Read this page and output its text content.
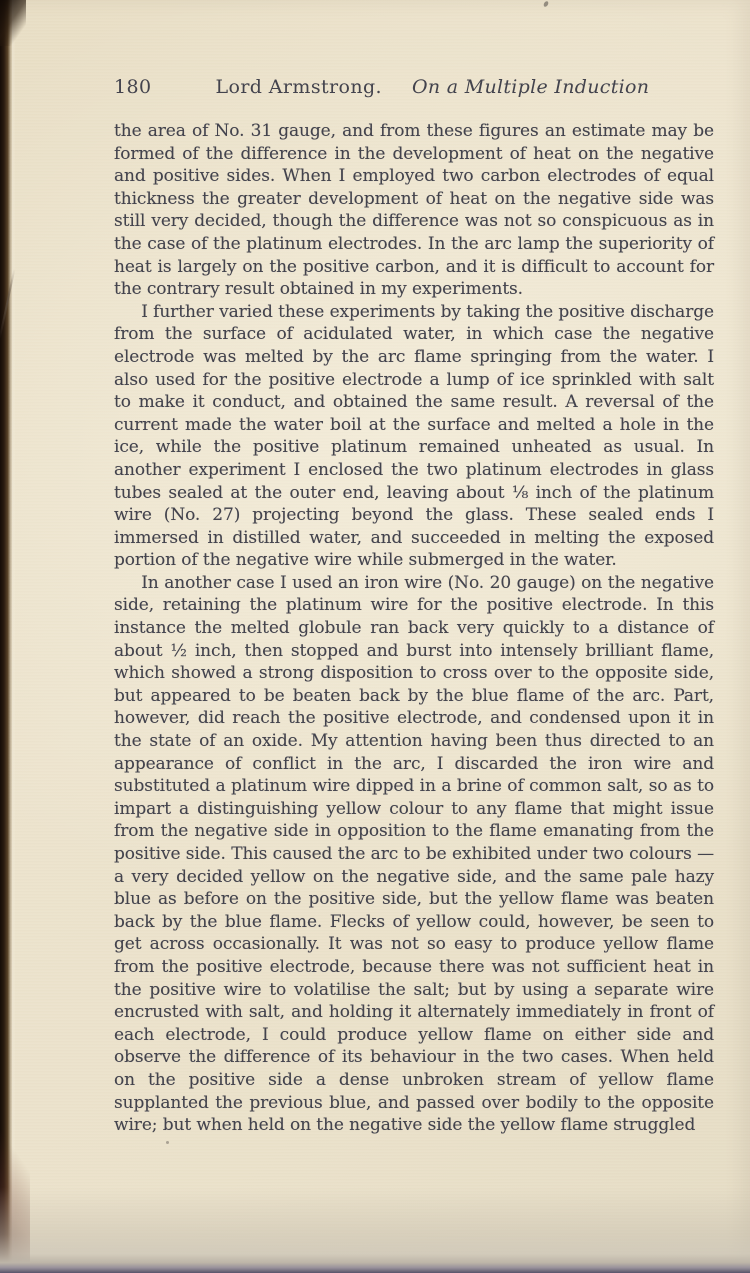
180	Lord Armstrong. On a Multiple Induction

the area of No. 31 gauge, and from these figures an estimate may be formed of the difference in the development of heat on the negative and positive sides. When I employed two carbon electrodes of equal thickness the greater development of heat on the negative side was still very decided, though the difference was not so conspicuous as in the case of the platinum electrodes. In the arc lamp the superiority of heat is largely on the positive carbon, and it is difficult to account for the contrary result obtained in my experiments.

I further varied these experiments by taking the positive discharge from the surface of acidulated water, in which case the negative electrode was melted by the arc flame springing from the water. I also used for the positive electrode a lump of ice sprinkled with salt to make it conduct, and obtained the same result. A reversal of the current made the water boil at the surface and melted a hole in the ice, while the positive platinum remained unheated as usual. In another experiment I enclosed the two platinum electrodes in glass tubes sealed at the outer end, leaving about ⅛ inch of the platinum wire (No. 27) projecting beyond the glass. These sealed ends I immersed in distilled water, and succeeded in melting the exposed portion of the negative wire while submerged in the water.

In another case I used an iron wire (No. 20 gauge) on the negative side, retaining the platinum wire for the positive electrode. In this instance the melted globule ran back very quickly to a distance of about ½ inch, then stopped and burst into intensely brilliant flame, which showed a strong disposition to cross over to the opposite side, but appeared to be beaten back by the blue flame of the arc. Part, however, did reach the positive electrode, and condensed upon it in the state of an oxide. My attention having been thus directed to an appearance of conflict in the arc, I discarded the iron wire and substituted a platinum wire dipped in a brine of common salt, so as to impart a distinguishing yellow colour to any flame that might issue from the negative side in opposition to the flame emanating from the positive side. This caused the arc to be exhibited under two colours —a very decided yellow on the negative side, and the same pale hazy blue as before on the positive side, but the yellow flame was beaten back by the blue flame. Flecks of yellow could, however, be seen to get across occasionally. It was not so easy to produce yellow flame from the positive electrode, because there was not sufficient heat in the positive wire to volatilise the salt; but by using a separate wire encrusted with salt, and holding it alternately immediately in front of each electrode, I could produce yellow flame on either side and observe the difference of its behaviour in the two cases. When held on the positive side a dense unbroken stream of yellow flame supplanted the previous blue, and passed over bodily to the opposite wire; but when held on the negative side the yellow flame struggled
